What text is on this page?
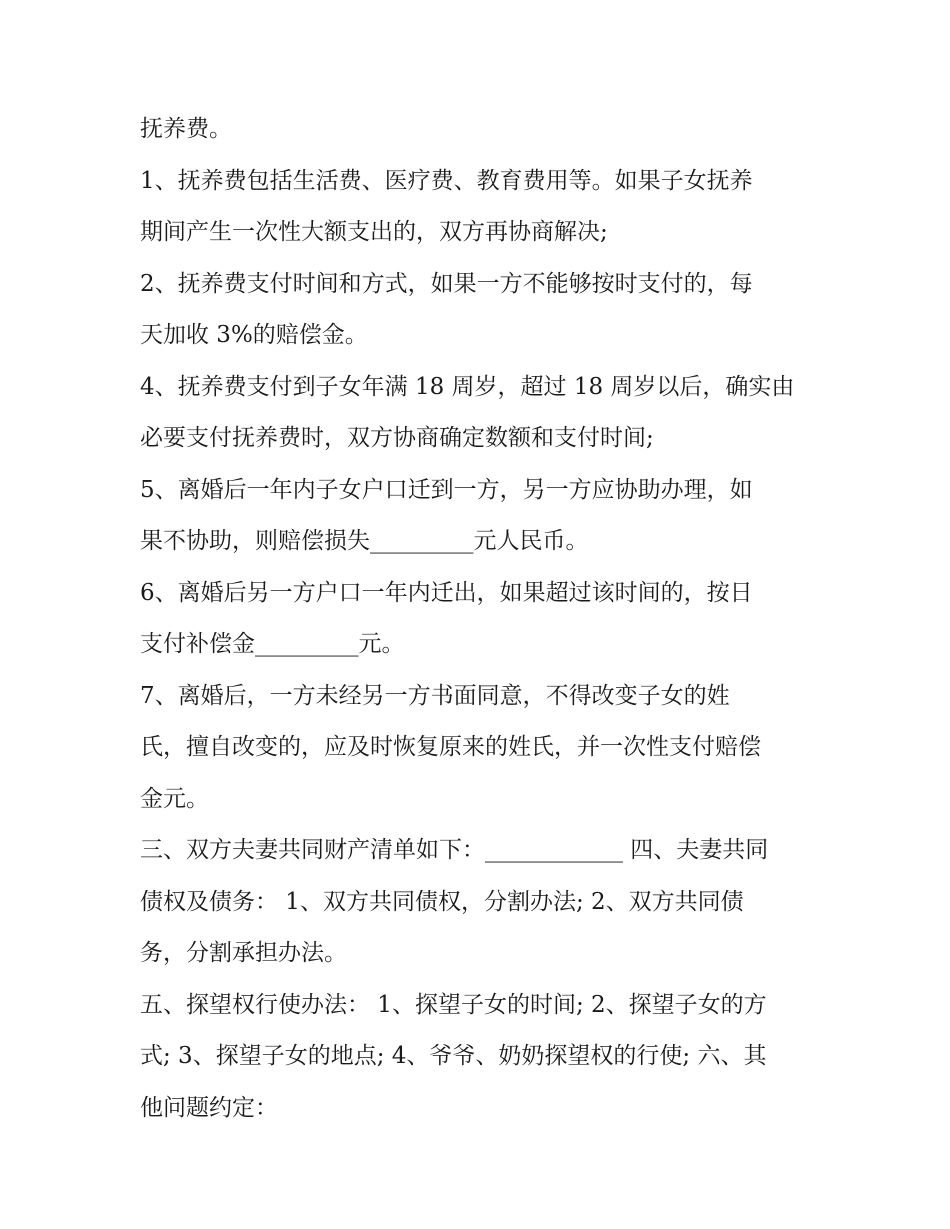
抚养费。

1、抚养费包括生活费、医疗费、教育费用等。如果子女抚养

期间产生一次性大额支出的，双方再协商解决;

2、抚养费支付时间和方式，如果一方不能够按时支付的，每

天加收 3%的赔偿金。

4、抚养费支付到子女年满 18 周岁，超过 18 周岁以后，确实由

必要支付抚养费时，双方协商确定数额和支付时间;

5、离婚后一年内子女户口迁到一方，另一方应协助办理，如

果不协助，则赔偿损失_________元人民币。

6、离婚后另一方户口一年内迁出，如果超过该时间的，按日

支付补偿金_________元。

7、离婚后，一方未经另一方书面同意，不得改变子女的姓

氏，擅自改变的，应及时恢复原来的姓氏，并一次性支付赔偿

金元。

三、双方夫妻共同财产清单如下：____________ 四、夫妻共同

债权及债务： 1、双方共同债权，分割办法; 2、双方共同债

务，分割承担办法。

五、探望权行使办法： 1、探望子女的时间; 2、探望子女的方

式; 3、探望子女的地点; 4、爷爷、奶奶探望权的行使; 六、其

他问题约定：
